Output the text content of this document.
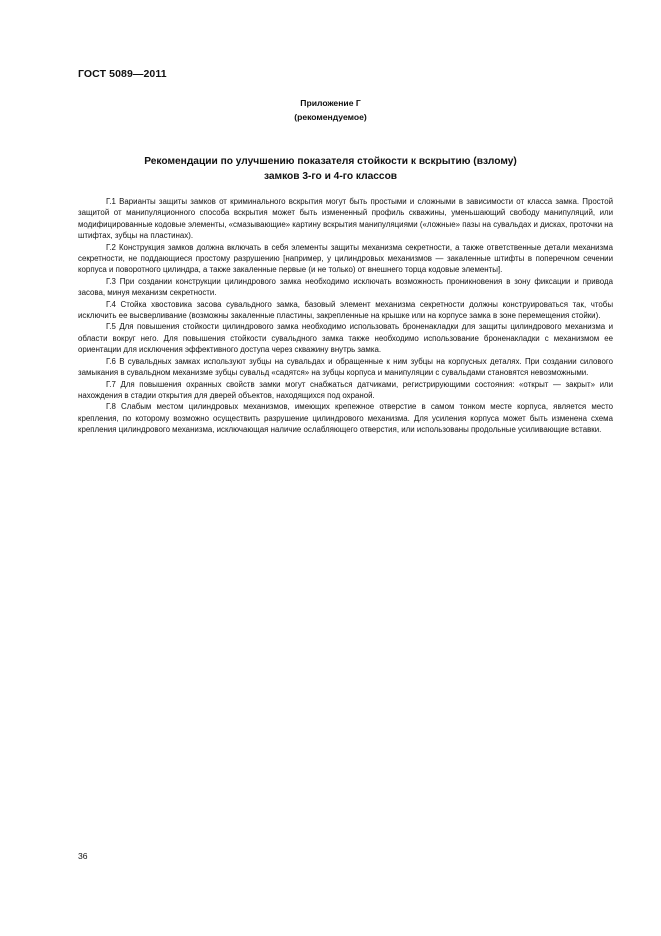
ГОСТ 5089—2011
Приложение Г
(рекомендуемое)
Рекомендации по улучшению показателя стойкости к вскрытию (взлому)
замков 3-го и 4-го классов

Г.1 Варианты защиты замков от криминального вскрытия могут быть простыми и сложными в зависимости от класса замка. Простой защитой от манипуляционного способа вскрытия может быть измененный профиль скважины, уменьшающий свободу манипуляций, или модифицированные кодовые элементы, «смазывающие» картину вскрытия манипуляциями («ложные» пазы на сувальдах и дисках, проточки на штифтах, зубцы на пластинах).

Г.2 Конструкция замков должна включать в себя элементы защиты механизма секретности, а также ответственные детали механизма секретности, не поддающиеся простому разрушению [например, у цилиндровых механизмов — закаленные штифты в поперечном сечении корпуса и поворотного цилиндра, а также закаленные первые (и не только) от внешнего торца кодовые элементы].

Г.3 При создании конструкции цилиндрового замка необходимо исключать возможность проникновения в зону фиксации и привода засова, минуя механизм секретности.

Г.4 Стойка хвостовика засова сувальдного замка, базовый элемент механизма секретности должны конструироваться так, чтобы исключить ее высверливание (возможны закаленные пластины, закрепленные на крышке или на корпусе замка в зоне перемещения стойки).

Г.5 Для повышения стойкости цилиндрового замка необходимо использовать броненакладки для защиты цилиндрового механизма и области вокруг него. Для повышения стойкости сувальдного замка также необходимо использование броненакладки с механизмом ее ориентации для исключения эффективного доступа через скважину внутрь замка.

Г.6 В сувальдных замках используют зубцы на сувальдах и обращенные к ним зубцы на корпусных деталях. При создании силового замыкания в сувальдном механизме зубцы сувальд «садятся» на зубцы корпуса и манипуляции с сувальдами становятся невозможными.

Г.7 Для повышения охранных свойств замки могут снабжаться датчиками, регистрирующими состояния: «открыт — закрыт» или нахождения в стадии открытия для дверей объектов, находящихся под охраной.

Г.8 Слабым местом цилиндровых механизмов, имеющих крепежное отверстие в самом тонком месте корпуса, является место крепления, по которому возможно осуществить разрушение цилиндрового механизма. Для усиления корпуса может быть изменена схема крепления цилиндрового механизма, исключающая наличие ослабляющего отверстия, или использованы продольные усиливающие вставки.

36
